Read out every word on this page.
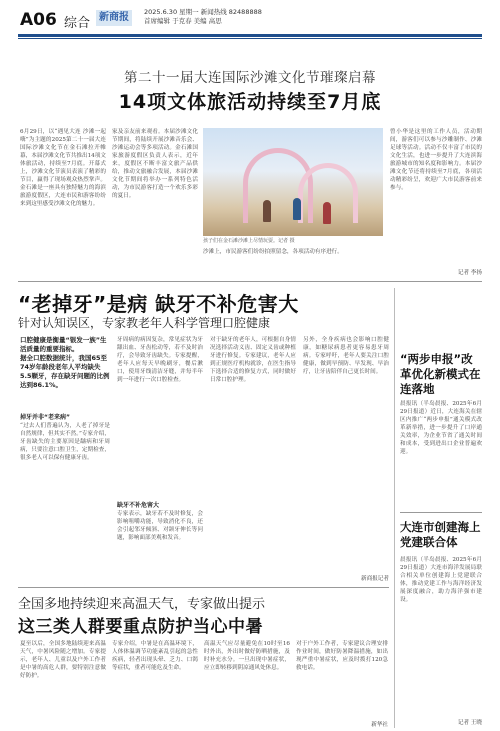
A06 综合 新商报	2025.6.30 星期一 新闻热线 82488888
首席编辑 于克春 美编 高思
第二十一届大连国际沙滩文化节璀璨启幕
14项文体旅活动持续至7月底
6月29日，以“遇见大连 沙滩一起嗨”为主题的2025第二十一届大连国际沙滩文化节在金石滩拉开帷幕，本届沙滩文化节共推出14项文体旅活动，持续至7月底。开幕式上，沙滩文化节演员表演了精彩的节目，赢得了现场观众热烈掌声。金石滩是一座具有独特魅力的海滨旅游度假区，大连市民和游客纷纷来到这里感受沙滩文化的魅力。
家及亲友前来观看。本届沙滩文化节期间，将陆续开展沙滩音乐会、沙滩运动会等多项活动。金石滩国家旅游度假区负责人表示，近年来，度假区不断丰富文旅产品供给，推动文旅融合发展，本届沙滩文化节期间将举办一系列特色活动，为市民游客打造一个欢乐多彩的夏日。
孩子们在金石滩沙滩上尽情玩耍。记者 摄
沙滩上，市民游客们纷纷拍照留念，各项活动有序进行。
曾小华是这里的工作人员，活动期间，游客们可以参与沙雕制作、沙滩足球等活动。活动不仅丰富了市民的文化生活，也进一步提升了大连滨海旅游城市的知名度和影响力。本届沙滩文化节还将持续至7月底，各项活动精彩纷呈，欢迎广大市民游客前来参与。
记者 李扬
“老掉牙”是病 缺牙不补危害大
针对认知误区，专家教老年人科学管理口腔健康
口腔健康是衡量“银发一族”生活质量的重要指标。
据全口腔数据统计，我国65至74岁年龄段老年人平均缺失5.5颗牙，存在缺牙问题的比例达到86.1%。
掉牙并非“老来病”
“过去人们普遍认为，人老了掉牙是自然规律，但其实不然。”专家介绍，牙齿缺失的主要原因是龋病和牙周病，只要注意口腔卫生，定期检查，很多老人可以保有健康牙齿。
牙周病的病因复杂，常见症状为牙龈出血、牙齿松动等，若不及时治疗，会导致牙齿缺失。专家提醒，老年人应每天早晚刷牙，餐后漱口，使用牙线清洁牙缝，并每半年到一年进行一次口腔检查。
缺牙不补危害大
专家表示，缺牙若不及时修复，会影响咀嚼功能，导致消化不良，还会引起邻牙倾斜、对颌牙伸长等问题，影响面部美观和发音。
对于缺牙的老年人，可根据自身情况选择活动义齿、固定义齿或种植牙进行修复。专家建议，老年人应到正规医疗机构就诊，在医生指导下选择合适的修复方式，同时做好日常口腔护理。
另外，全身疾病也会影响口腔健康，如糖尿病患者更容易患牙周病。专家呼吁，老年人要关注口腔健康，做到早预防、早发现、早治疗，让牙齿陪伴自己更长时间。
新商报记者
“两步申报”改革优化新模式在连落地
晨报讯（半岛晨报、2025年6月29日报道）近日，大连海关在辖区内推广“两步申报”通关模式改革新举措，进一步提升了口岸通关效率，为企业节省了通关时间和成本，受到进出口企业普遍欢迎。
大连市创建海上党建联合体
晨报讯（半岛晨报、2025年6月29日报道）大连市海洋发展局联合相关单位创建海上党建联合体，推动党建工作与海洋经济发展深度融合，助力海洋强市建设。
记者 王晓
全国多地持续迎来高温天气，专家做出提示
这三类人群要重点防护当心中暑
夏至以后，全国多地陆续迎来高温天气，中暑风险随之增加。专家提示，老年人、儿童以及户外工作者是中暑的高危人群，要特别注意做好防护。
专家介绍，中暑是在高温环境下，人体体温调节功能紊乱引起的急性疾病，轻者出现头晕、乏力、口渴等症状，重者可能危及生命。
高温天气应尽量避免在10时至16时外出，外出时做好防晒措施，及时补充水分。一旦出现中暑症状，应立即转移到阴凉通风处休息。
对于户外工作者，专家建议合理安排作业时间，做好防暑降温措施，如出现严重中暑症状，应及时拨打120急救电话。
新华社
